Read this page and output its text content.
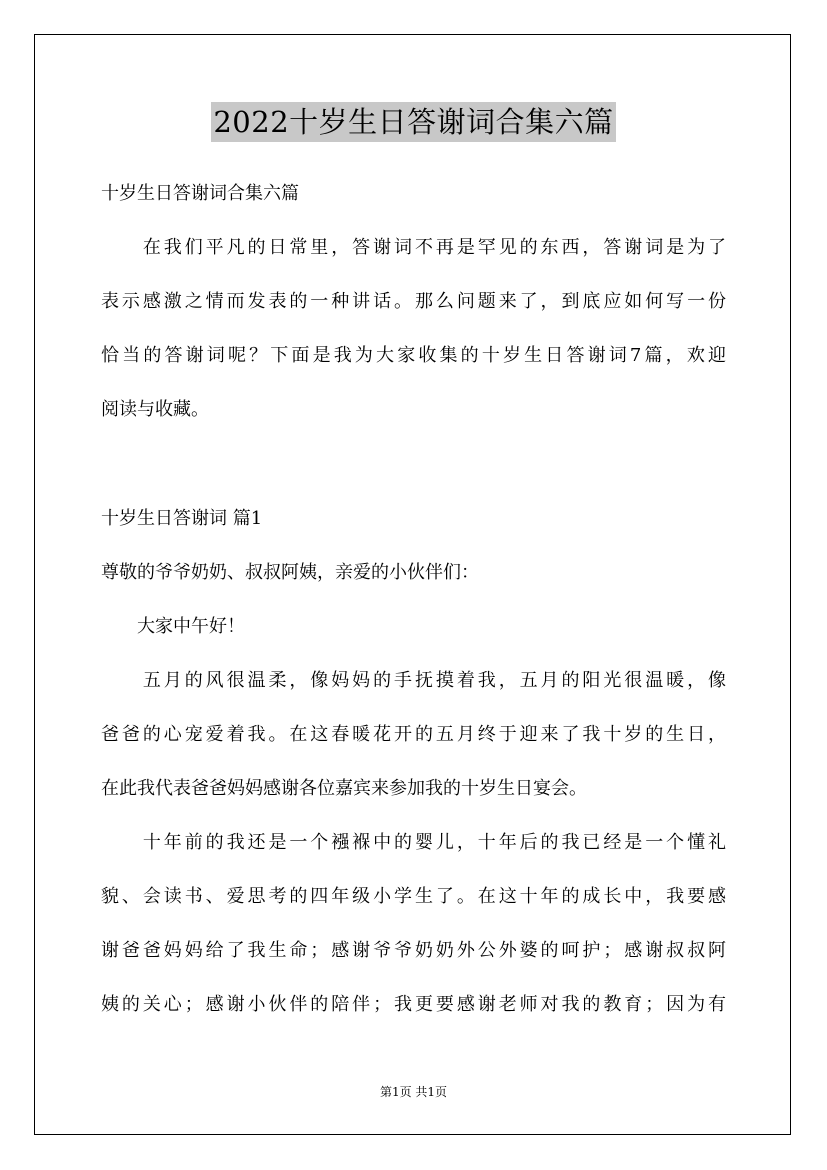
2022十岁生日答谢词合集六篇
十岁生日答谢词合集六篇
　　在我们平凡的日常里，答谢词不再是罕见的东西，答谢词是为了
表示感激之情而发表的一种讲话。那么问题来了，到底应如何写一份
恰当的答谢词呢？下面是我为大家收集的十岁生日答谢词7篇，欢迎
阅读与收藏。
十岁生日答谢词 篇1
尊敬的爷爷奶奶、叔叔阿姨，亲爱的小伙伴们：
　　大家中午好！
　　五月的风很温柔，像妈妈的手抚摸着我，五月的阳光很温暖，像
爸爸的心宠爱着我。在这春暖花开的五月终于迎来了我十岁的生日，
在此我代表爸爸妈妈感谢各位嘉宾来参加我的十岁生日宴会。
　　十年前的我还是一个襁褓中的婴儿，十年后的我已经是一个懂礼
貌、会读书、爱思考的四年级小学生了。在这十年的成长中，我要感
谢爸爸妈妈给了我生命；感谢爷爷奶奶外公外婆的呵护；感谢叔叔阿
姨的关心；感谢小伙伴的陪伴；我更要感谢老师对我的教育；因为有
第1页 共1页
